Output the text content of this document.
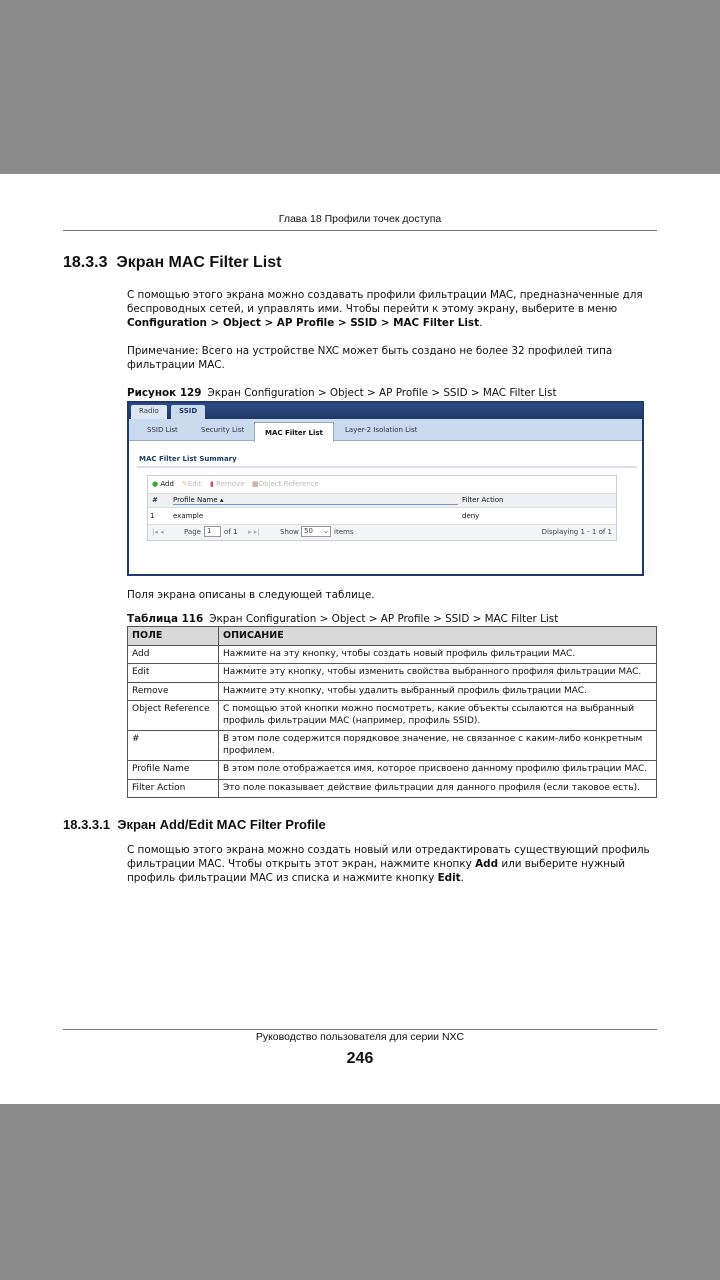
Глава 18 Профили точек доступа
18.3.3 Экран MAC Filter List

С помощью этого экрана можно создавать профили фильтрации MAC, предназначенные для беспроводных сетей, и управлять ими. Чтобы перейти к этому экрану, выберите в меню Configuration > Object > AP Profile > SSID > MAC Filter List.

Примечание: Всего на устройстве NXC может быть создано не более 32 профилей типа фильтрации MAC.

Рисунок 129 Экран Configuration > Object > AP Profile > SSID > MAC Filter List

Radio	SSID
SSID List	Security List	MAC Filter List	Layer-2 Isolation List
MAC Filter List Summary
● Add ✎Edit ▮ Remove ▦Object Reference
# Profile Name ▴	Filter Action
1	example	deny
|◂ ◂	Page 1	of 1 ▸ ▸|	Show 50 ⌄ items	Displaying 1 - 1 of 1

Поля экрана описаны в следующей таблице.

Таблица 116 Экран Configuration > Object > AP Profile > SSID > MAC Filter List

ПОЛЕ	ОПИСАНИЕ
Add	Нажмите на эту кнопку, чтобы создать новый профиль фильтрации MAC.
Edit	Нажмите эту кнопку, чтобы изменить свойства выбранного профиля фильтрации MAC.
Remove	Нажмите эту кнопку, чтобы удалить выбранный профиль фильтрации MAC.
Object Reference	С помощью этой кнопки можно посмотреть, какие объекты ссылаются на выбранный профиль фильтрации MAC (например, профиль SSID).
#	В этом поле содержится порядковое значение, не связанное с каким-либо конкретным профилем.
Profile Name	В этом поле отображается имя, которое присвоено данному профилю фильтрации MAC.
Filter Action	Это поле показывает действие фильтрации для данного профиля (если таковое есть).
18.3.3.1 Экран Add/Edit MAC Filter Profile

С помощью этого экрана можно создать новый или отредактировать существующий профиль фильтрации MAC. Чтобы открыть этот экран, нажмите кнопку Add или выберите нужный профиль фильтрации MAC из списка и нажмите кнопку Edit.

Руководство пользователя для серии NXC
246
